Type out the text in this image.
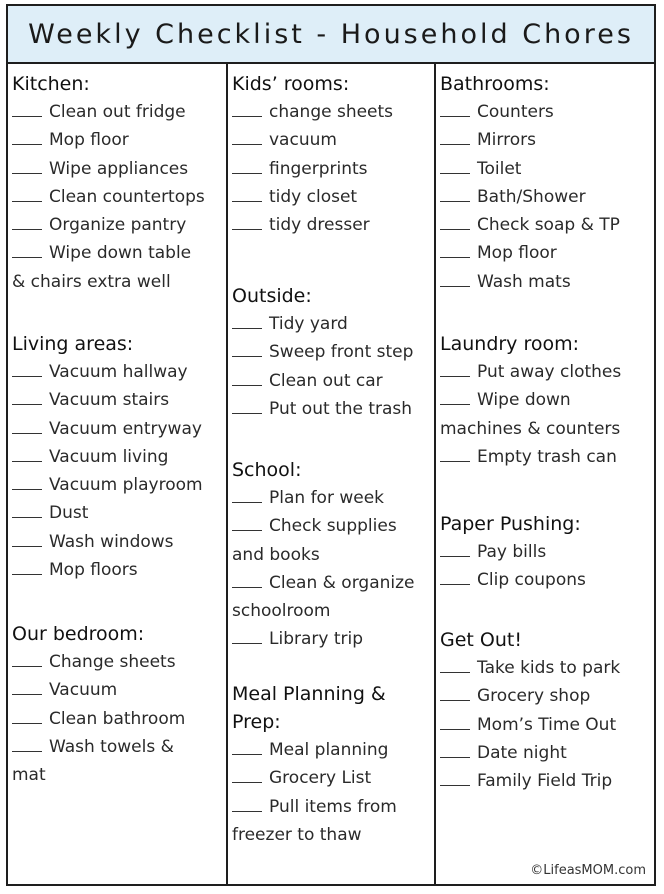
Weekly Checklist - Household Chores
Kitchen:
Clean out fridge
Mop floor
Wipe appliances
Clean countertops
Organize pantry
Wipe down table
& chairs extra well
Living areas:
Vacuum hallway
Vacuum stairs
Vacuum entryway
Vacuum living
Vacuum playroom
Dust
Wash windows
Mop floors
Our bedroom:
Change sheets
Vacuum
Clean bathroom
Wash towels &
mat
Kids’ rooms:
change sheets
vacuum
fingerprints
tidy closet
tidy dresser
Outside:
Tidy yard
Sweep front step
Clean out car
Put out the trash
School:
Plan for week
Check supplies
and books
Clean & organize
schoolroom
Library trip
Meal Planning &
Prep:
Meal planning
Grocery List
Pull items from
freezer to thaw
Bathrooms:
Counters
Mirrors
Toilet
Bath/Shower
Check soap & TP
Mop floor
Wash mats
Laundry room:
Put away clothes
Wipe down
machines & counters
Empty trash can
Paper Pushing:
Pay bills
Clip coupons
Get Out!
Take kids to park
Grocery shop
Mom’s Time Out
Date night
Family Field Trip
©LifeasMOM.com
